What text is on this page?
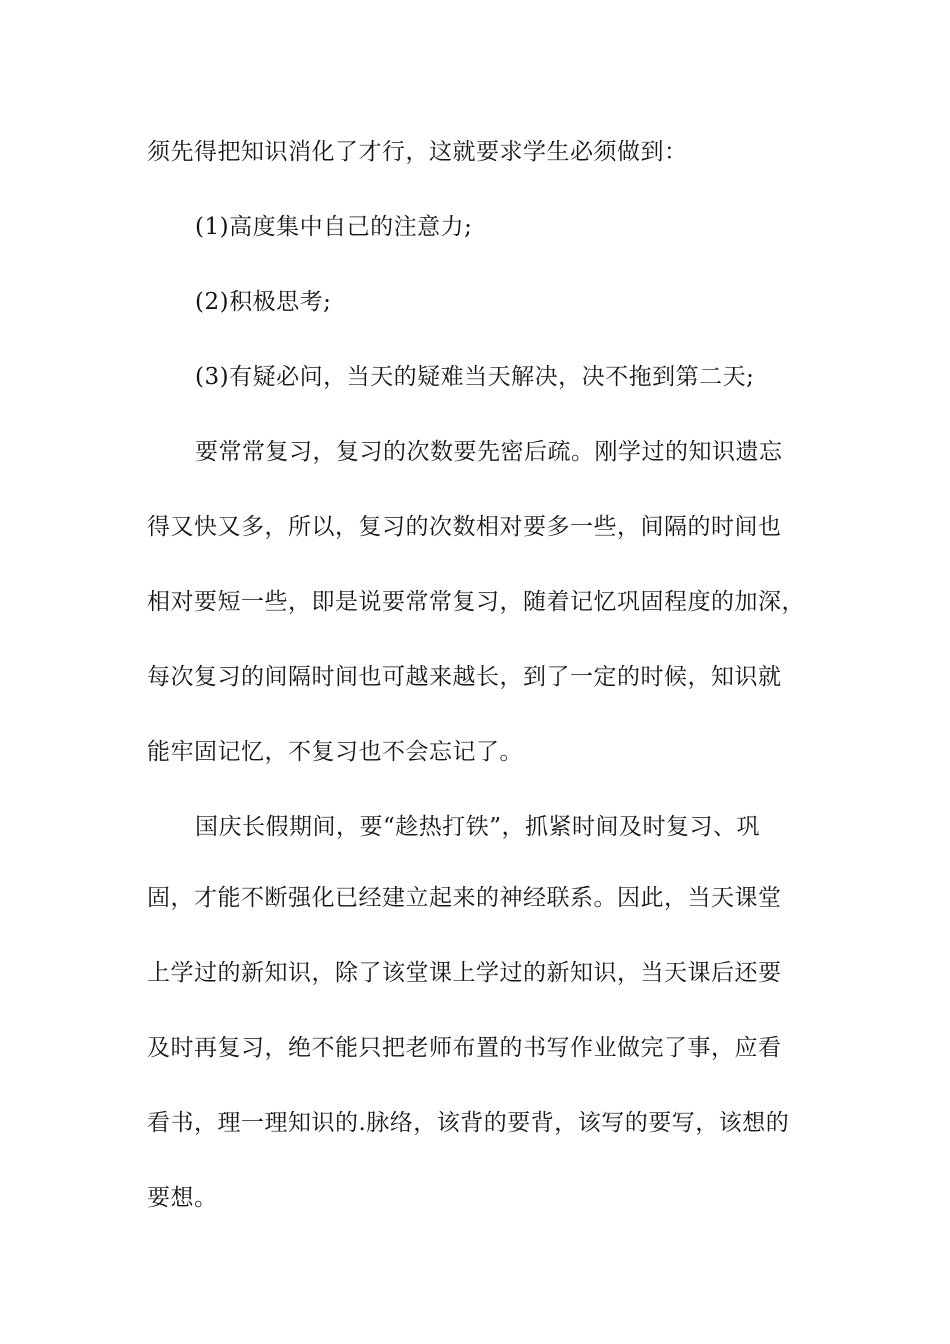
须先得把知识消化了才行，这就要求学生必须做到：
(1)高度集中自己的注意力;
(2)积极思考;
(3)有疑必问，当天的疑难当天解决，决不拖到第二天;
要常常复习，复习的次数要先密后疏。刚学过的知识遗忘
得又快又多，所以，复习的次数相对要多一些，间隔的时间也
相对要短一些，即是说要常常复习，随着记忆巩固程度的加深，
每次复习的间隔时间也可越来越长，到了一定的时候，知识就
能牢固记忆，不复习也不会忘记了。
国庆长假期间，要“趁热打铁”，抓紧时间及时复习、巩
固，才能不断强化已经建立起来的神经联系。因此，当天课堂
上学过的新知识，除了该堂课上学过的新知识，当天课后还要
及时再复习，绝不能只把老师布置的书写作业做完了事，应看
看书，理一理知识的.脉络，该背的要背，该写的要写，该想的
要想。
